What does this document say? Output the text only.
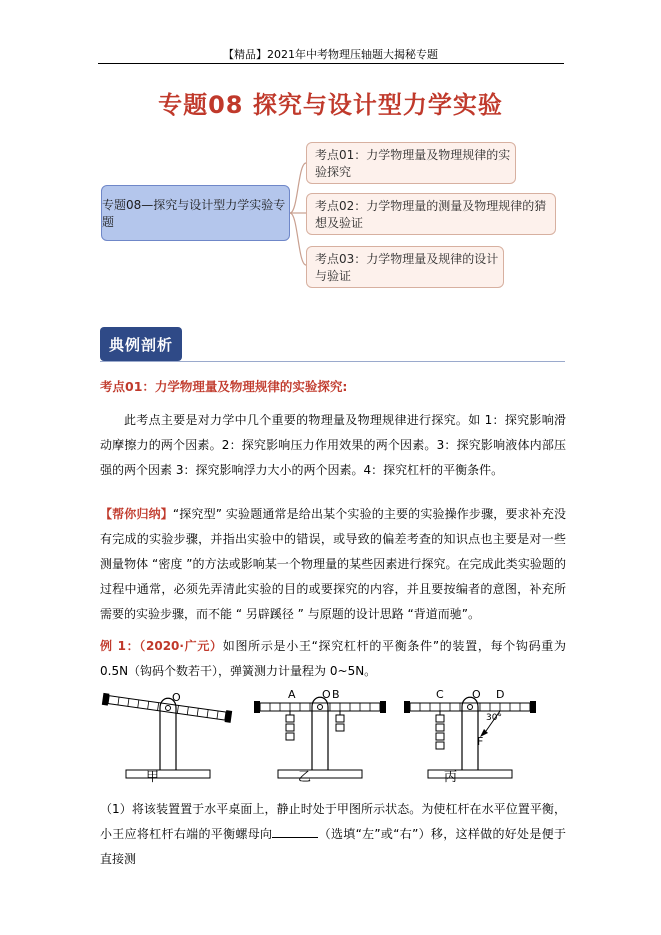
【精品】2021年中考物理压轴题大揭秘专题
专题08 探究与设计型力学实验
专题08—探究与设计型力学实验专题
考点01：力学物理量及物理规律的实验探究
考点02：力学物理量的测量及物理规律的猜想及验证
考点03：力学物理量及规律的设计与验证
典例剖析
考点01：力学物理量及物理规律的实验探究:
此考点主要是对力学中几个重要的物理量及物理规律进行探究。如 1：探究影响滑动摩擦力的两个因素。2：探究影响压力作用效果的两个因素。3：探究影响液体内部压强的两个因素 3：探究影响浮力大小的两个因素。4：探究杠杆的平衡条件。
【帮你归纳】“探究型” 实验题通常是给出某个实验的主要的实验操作步骤，要求补充没有完成的实验步骤，并指出实验中的错误，或导致的偏差考查的知识点也主要是对一些测量物体 “密度 ”的方法或影响某一个物理量的某些因素进行探究。在完成此类实验题的过程中通常，必须先弄清此实验的目的或要探究的内容，并且要按编者的意图，补充所需要的实验步骤，而不能 “ 另辟蹊径 ” 与原题的设计思路 “背道而驰”。
例 1：（2020·广元）如图所示是小王“探究杠杆的平衡条件”的装置，每个钩码重为 0.5N（钩码个数若干），弹簧测力计量程为 0~5N。
O	A O B	C	O D
30°
F
甲	乙	丙
（1）将该装置置于水平桌面上，静止时处于甲图所示状态。为使杠杆在水平位置平衡，小王应将杠杆右端的平衡螺母向	（选填“左”或“右”）移，这样做的好处是便于直接测
